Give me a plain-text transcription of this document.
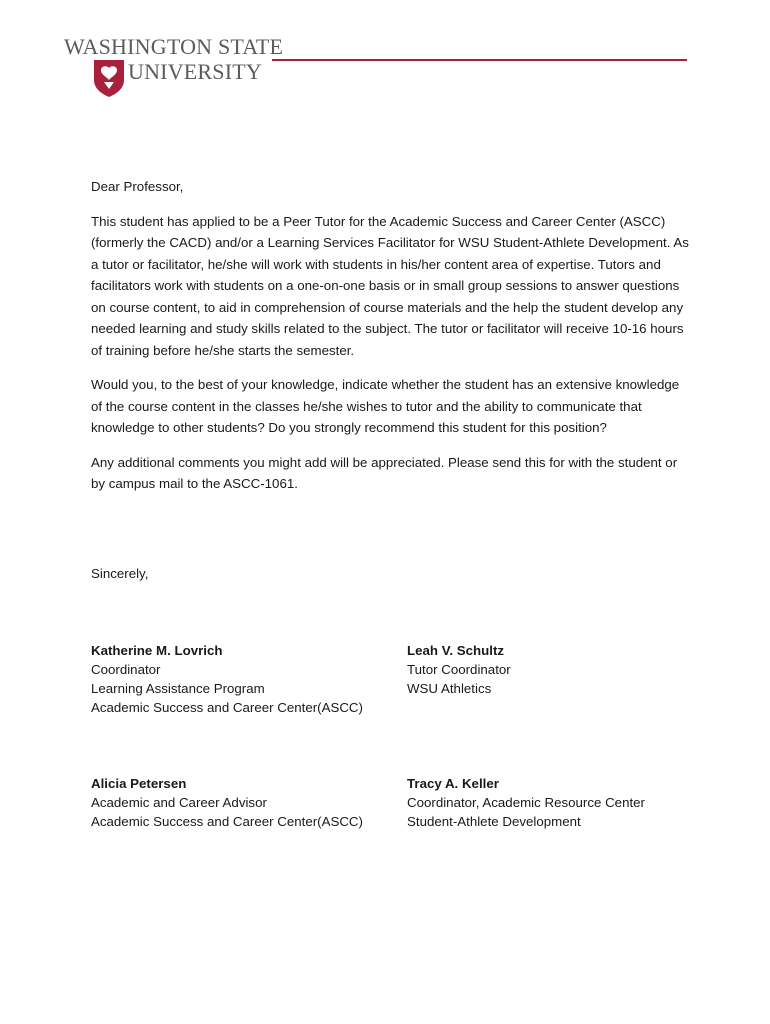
WASHINGTON STATE
UNIVERSITY

Dear Professor,

This student has applied to be a Peer Tutor for the Academic Success and Career Center (ASCC) (formerly the CACD) and/or a Learning Services Facilitator for WSU Student-Athlete Development. As a tutor or facilitator, he/she will work with students in his/her content area of expertise. Tutors and facilitators work with students on a one-on-one basis or in small group sessions to answer questions on course content, to aid in comprehension of course materials and the help the student develop any needed learning and study skills related to the subject. The tutor or facilitator will receive 10-16 hours of training before he/she starts the semester.

Would you, to the best of your knowledge, indicate whether the student has an extensive knowledge of the course content in the classes he/she wishes to tutor and the ability to communicate that knowledge to other students? Do you strongly recommend this student for this position?

Any additional comments you might add will be appreciated. Please send this for with the student or by campus mail to the ASCC-1061.

Sincerely,
Katherine M. Lovrich
Coordinator
Learning Assistance Program
Academic Success and Career Center(ASCC)
Leah V. Schultz
Tutor Coordinator
WSU Athletics
Alicia Petersen
Academic and Career Advisor
Academic Success and Career Center(ASCC)
Tracy A. Keller
Coordinator, Academic Resource Center
Student-Athlete Development
